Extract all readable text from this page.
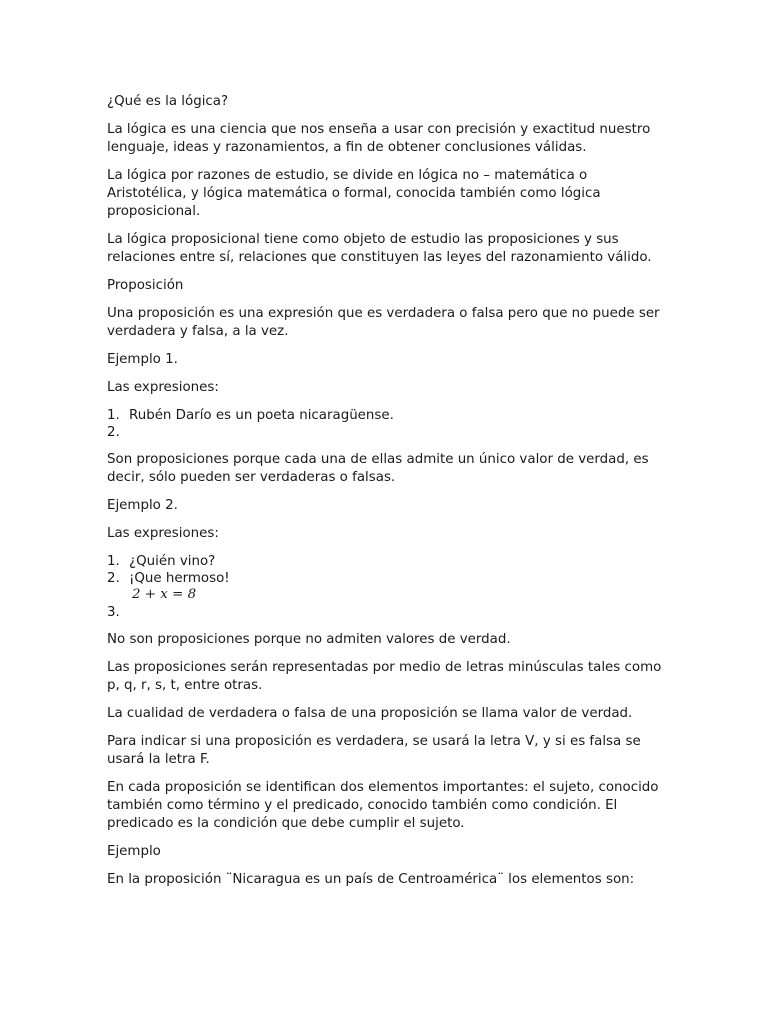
¿Qué es la lógica?

La lógica es una ciencia que nos enseña a usar con precisión y exactitud nuestro lenguaje, ideas y razonamientos, a fin de obtener conclusiones válidas.

La lógica por razones de estudio, se divide en lógica no – matemática o Aristotélica, y lógica matemática o formal, conocida también como lógica proposicional.

La lógica proposicional tiene como objeto de estudio las proposiciones y sus relaciones entre sí, relaciones que constituyen las leyes del razonamiento válido.

Proposición

Una proposición es una expresión que es verdadera o falsa pero que no puede ser verdadera y falsa, a la vez.

Ejemplo 1.

Las expresiones:

1. Rubén Darío es un poeta nicaragüense.
2.

Son proposiciones porque cada una de ellas admite un único valor de verdad, es decir, sólo pueden ser verdaderas o falsas.

Ejemplo 2.

Las expresiones:

1. ¿Quién vino?
2. ¡Que hermoso!
2 + x = 8
3.

No son proposiciones porque no admiten valores de verdad.

Las proposiciones serán representadas por medio de letras minúsculas tales como p, q, r, s, t, entre otras.

La cualidad de verdadera o falsa de una proposición se llama valor de verdad.

Para indicar si una proposición es verdadera, se usará la letra V, y si es falsa se usará la letra F.

En cada proposición se identifican dos elementos importantes: el sujeto, conocido también como término y el predicado, conocido también como condición. El predicado es la condición que debe cumplir el sujeto.

Ejemplo

En la proposición ¨Nicaragua es un país de Centroamérica¨ los elementos son:
